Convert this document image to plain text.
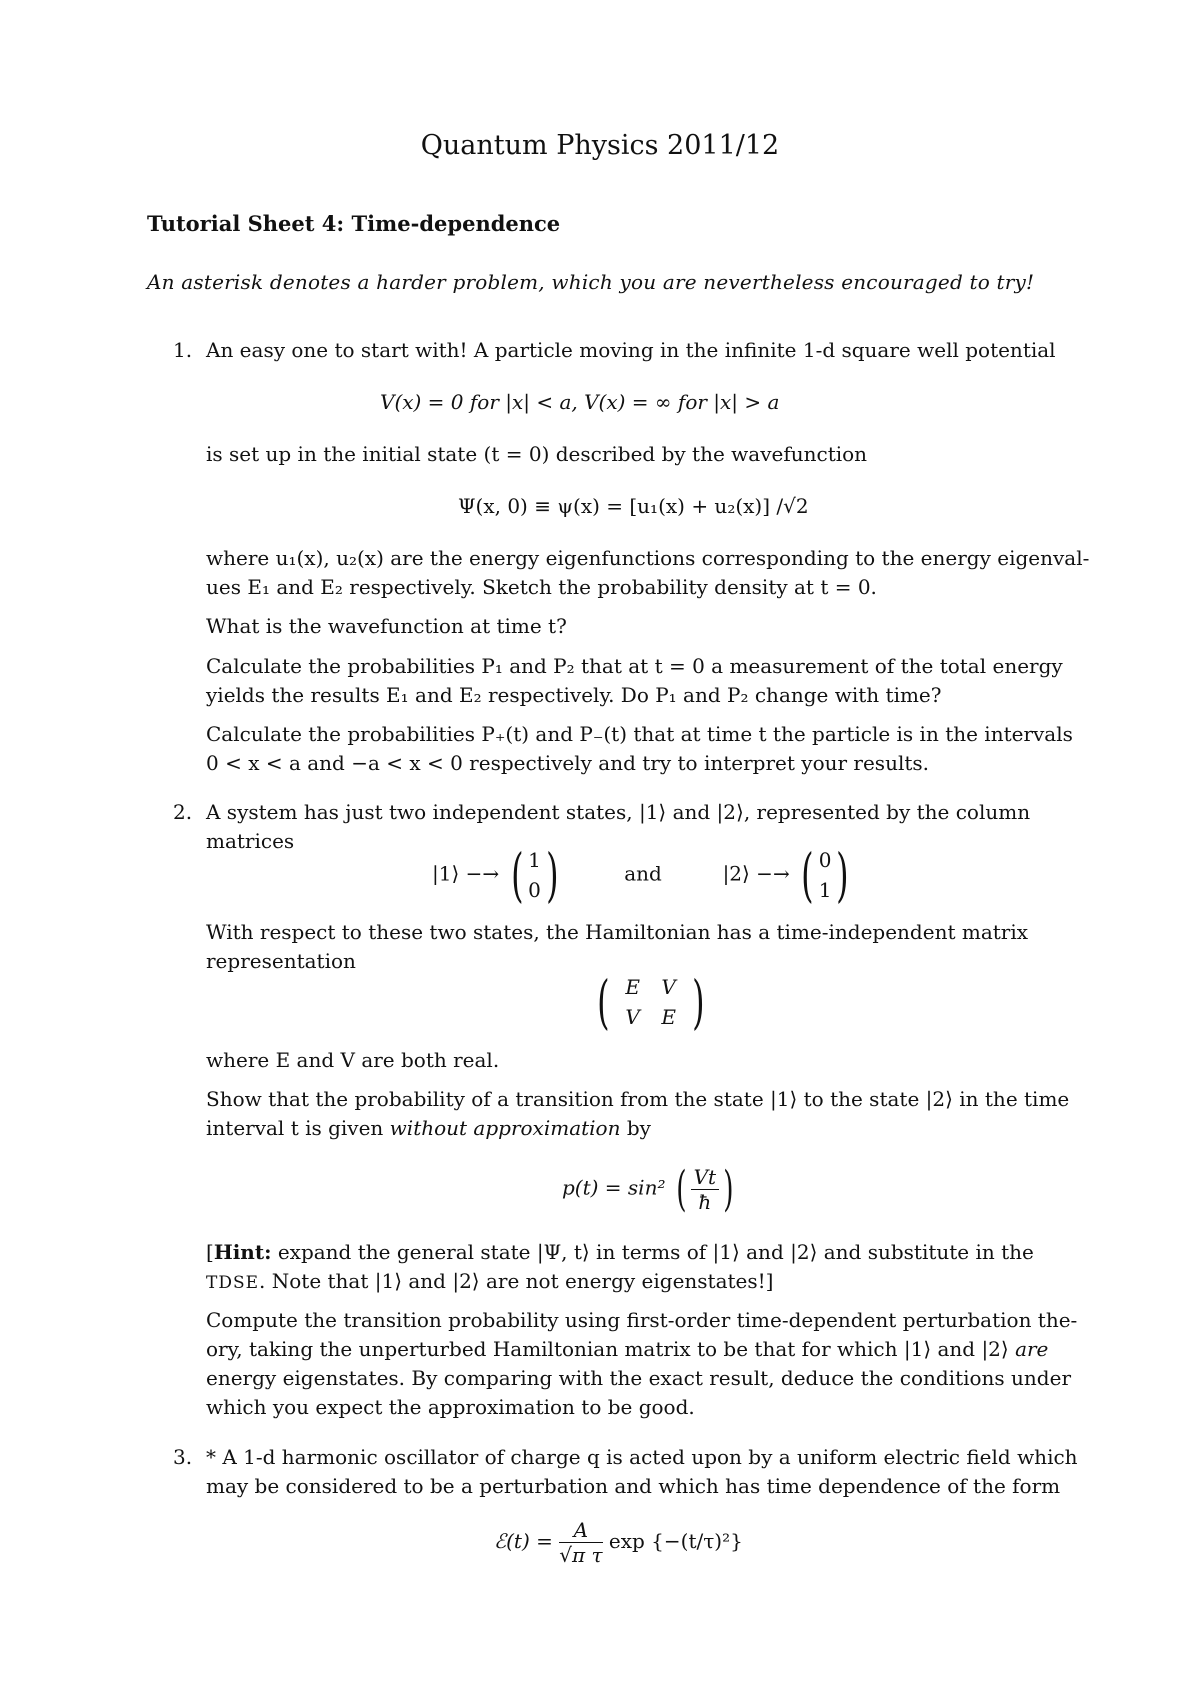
Quantum Physics 2011/12
Tutorial Sheet 4: Time-dependence
An asterisk denotes a harder problem, which you are nevertheless encouraged to try!
1. An easy one to start with! A particle moving in the infinite 1-d square well potential
V(x) = 0 for |x| < a, V(x) = ∞ for |x| > a
is set up in the initial state (t = 0) described by the wavefunction
Ψ(x, 0) ≡ ψ(x) = [u₁(x) + u₂(x)] /√2
where u₁(x), u₂(x) are the energy eigenfunctions corresponding to the energy eigenval-
ues E₁ and E₂ respectively. Sketch the probability density at t = 0.
What is the wavefunction at time t?
Calculate the probabilities P₁ and P₂ that at t = 0 a measurement of the total energy
yields the results E₁ and E₂ respectively. Do P₁ and P₂ change with time?
Calculate the probabilities P₊(t) and P₋(t) that at time t the particle is in the intervals
0 < x < a and −a < x < 0 respectively and try to interpret your results.
2. A system has just two independent states, |1⟩ and |2⟩, represented by the column
matrices
|1⟩ −→ ( 1
0)	and	|2⟩ −→ ( 0
1)
With respect to these two states, the Hamiltonian has a time-independent matrix
representation
( E V
V E )
where E and V are both real.
Show that the probability of a transition from the state |1⟩ to the state |2⟩ in the time
interval t is given without approximation by
p(t) = sin² ( $\frac{Vt}{ħ}$ )
[Hint: expand the general state |Ψ, t⟩ in terms of |1⟩ and |2⟩ and substitute in the
TDSE. Note that |1⟩ and |2⟩ are not energy eigenstates!]
Compute the transition probability using first-order time-dependent perturbation the-
ory, taking the unperturbed Hamiltonian matrix to be that for which |1⟩ and |2⟩ are
energy eigenstates. By comparing with the exact result, deduce the conditions under
which you expect the approximation to be good.
3. * A 1-d harmonic oscillator of charge q is acted upon by a uniform electric field which
may be considered to be a perturbation and which has time dependence of the form
ℰ(t) = $\frac{A}{\text{√π τ}}$ exp {−(t/τ)²}
